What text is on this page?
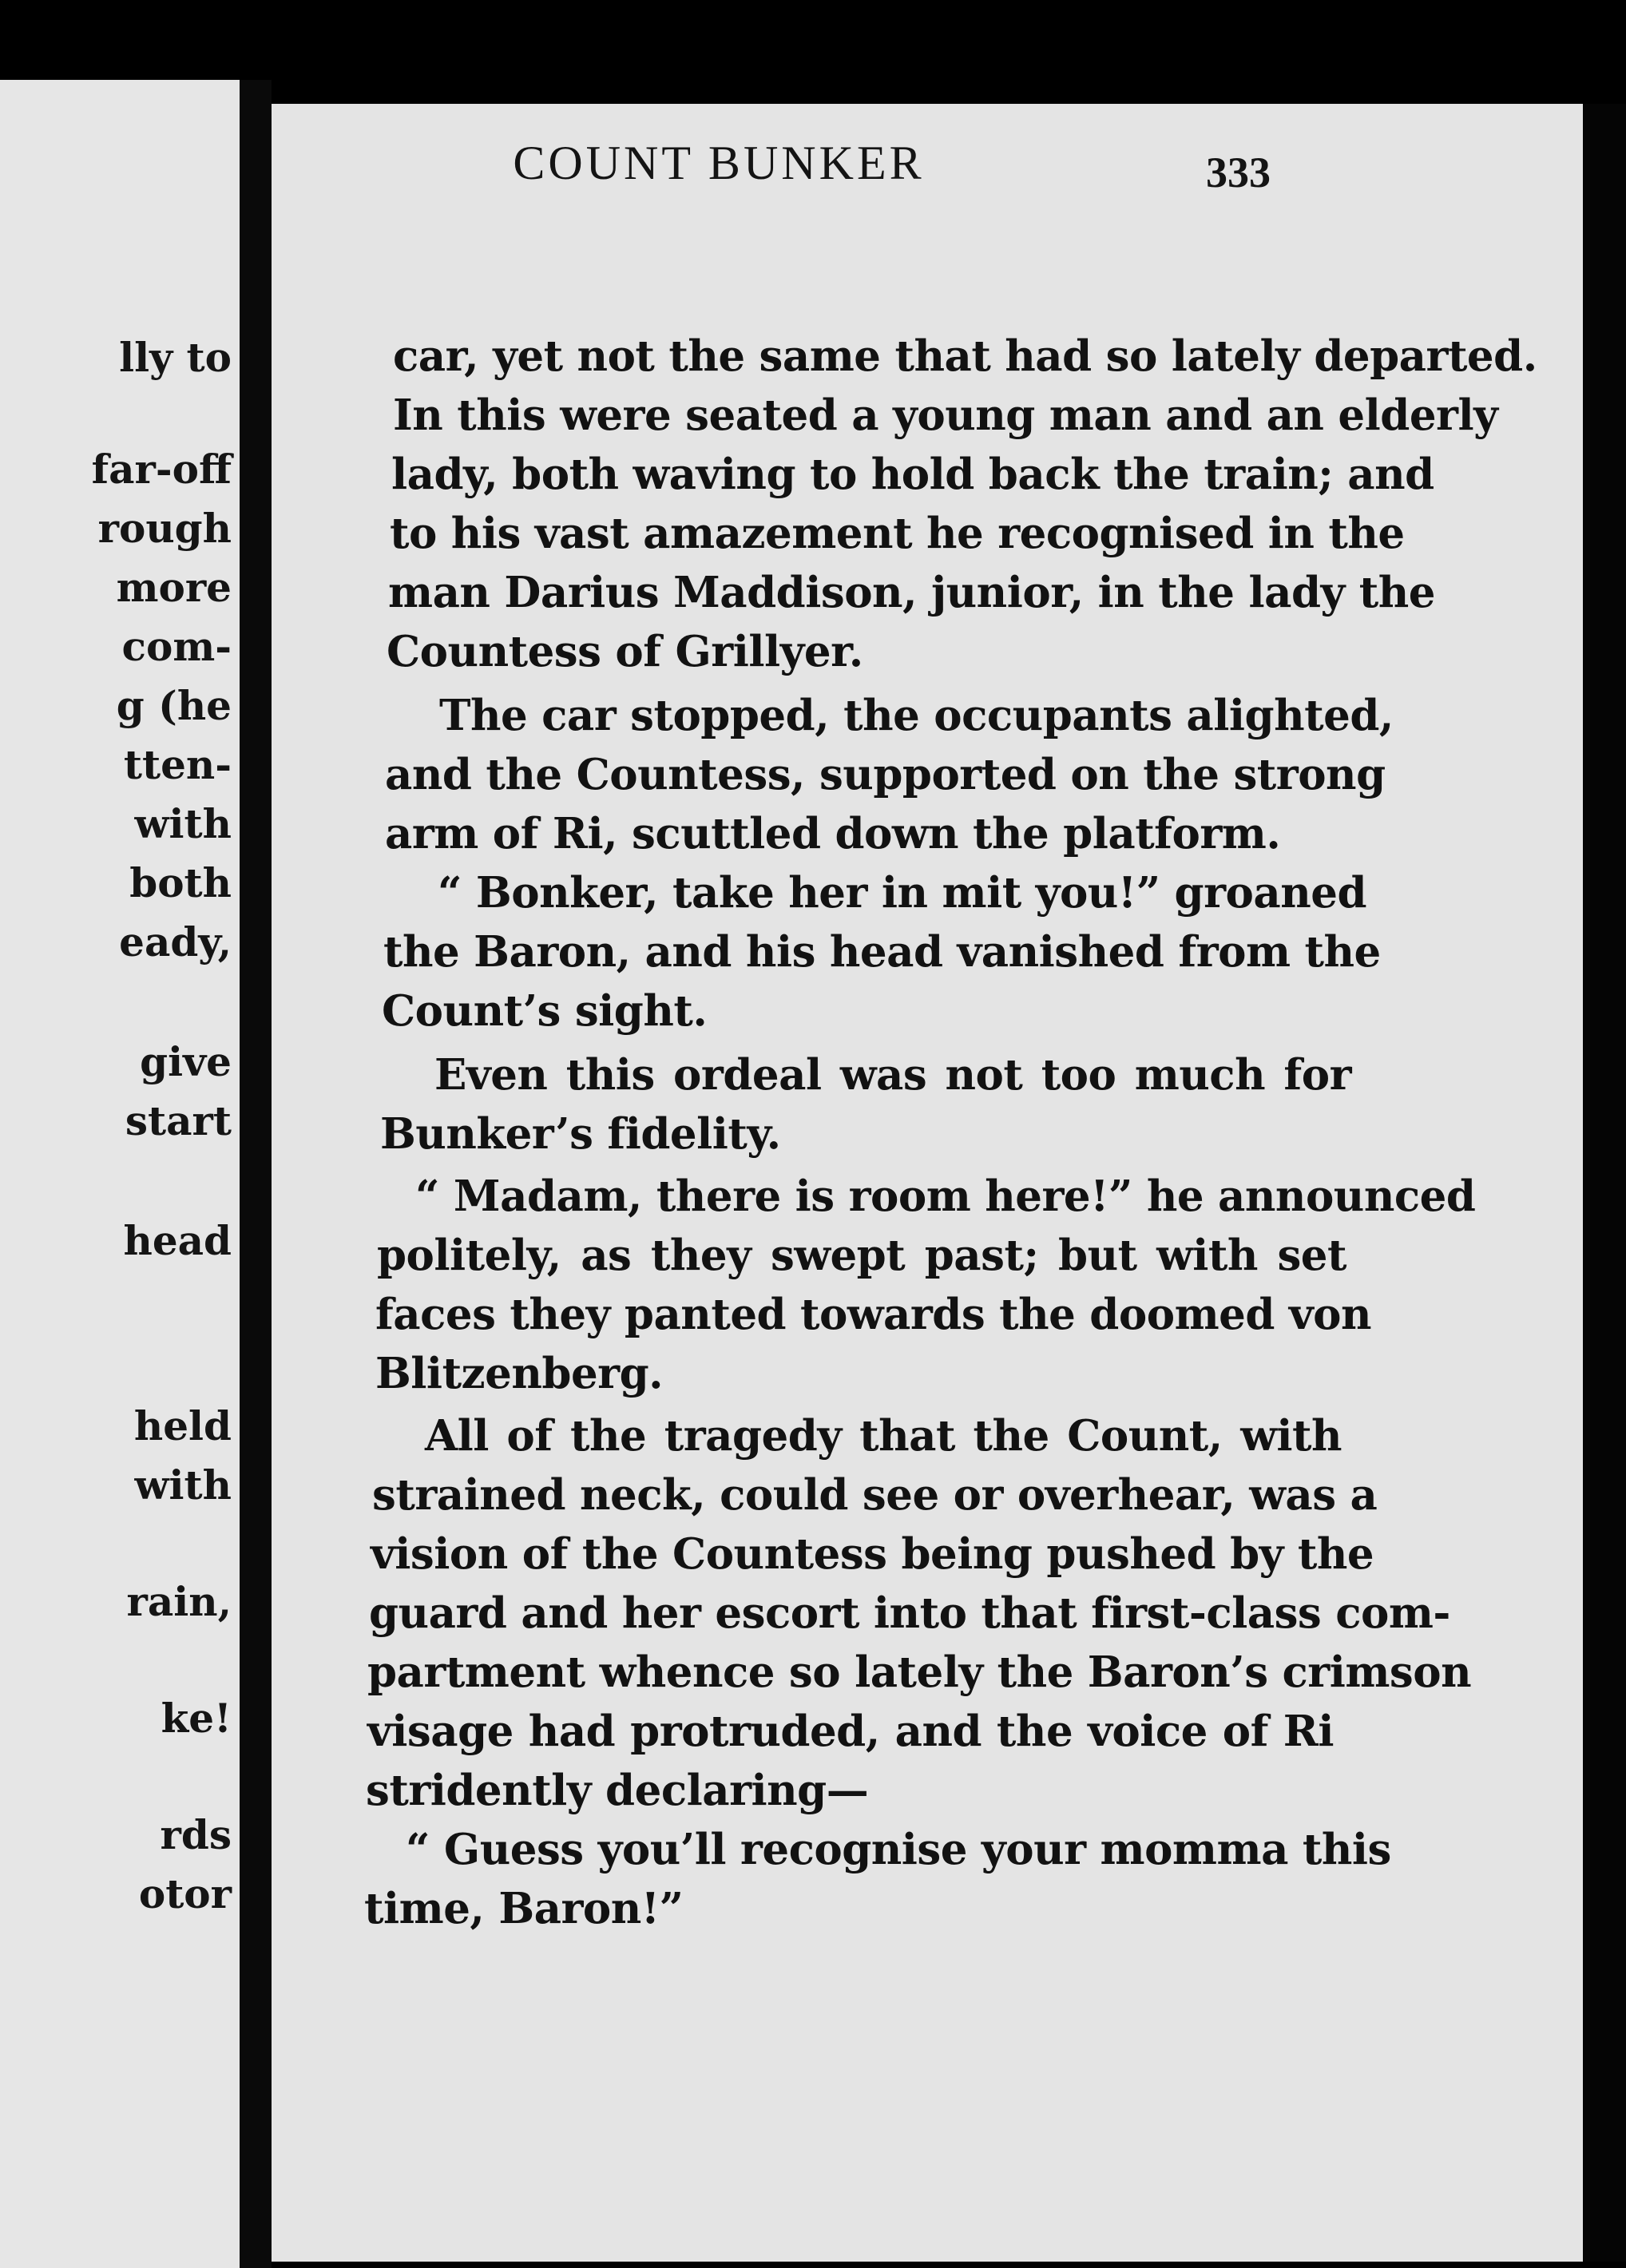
lly to
far-off
rough
more
com-
g (he
tten-
with
both
eady,
give
start
head
held
with
rain,
ke!
rds
otor
COUNT BUNKER	333
car, yet not the same that had so lately departed.
In this were seated a young man and an elderly
lady, both waving to hold back the train; and
to his vast amazement he recognised in the
man Darius Maddison, junior, in the lady the
Countess of Grillyer.
The car stopped, the occupants alighted,
and the Countess, supported on the strong
arm of Ri, scuttled down the platform.
“ Bonker, take her in mit you!” groaned
the Baron, and his head vanished from the
Count’s sight.
Even this ordeal was not too much for
Bunker’s fidelity.
“ Madam, there is room here!” he announced
politely, as they swept past; but with set
faces they panted towards the doomed von
Blitzenberg.
All of the tragedy that the Count, with
strained neck, could see or overhear, was a
vision of the Countess being pushed by the
guard and her escort into that first-class com-
partment whence so lately the Baron’s crimson
visage had protruded, and the voice of Ri
stridently declaring—
“ Guess you’ll recognise your momma this
time, Baron!”
